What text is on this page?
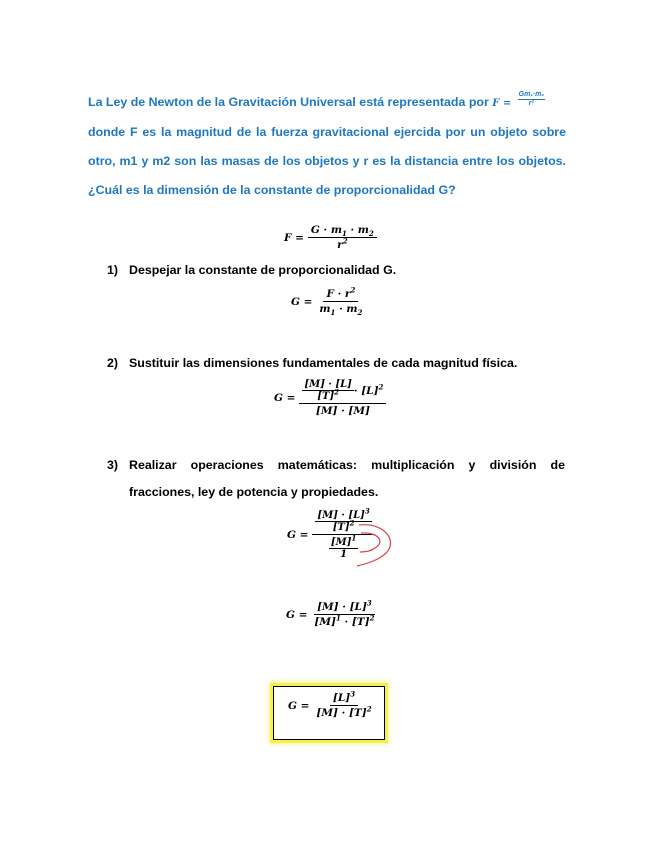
La Ley de Newton de la Gravitación Universal está representada por $F = \frac{\text{Gm₁·m₂}}{\text{r²}}$
donde F es la magnitud de la fuerza gravitacional ejercida por un objeto sobre
otro, m1 y m2 son las masas de los objetos y r es la distancia entre los objetos.
¿Cuál es la dimensión de la constante de proporcionalidad G?
$F = \frac{G \cdot m_1 \cdot m_2}{r^2}$
1) Despejar la constante de proporcionalidad G.
$G = \frac{F \cdot r^2}{m_1 \cdot m_2}$
2) Sustituir las dimensiones fundamentales de cada magnitud física.
$G = \frac{\frac{[M] \cdot [L]}{[T]^2} \cdot [L]^2}{[M] \cdot [M]}$
3) Realizar operaciones matemáticas: multiplicación y división de
fracciones, ley de potencia y propiedades.
$G = \frac{\frac{[M] \cdot [L]^3}{[T]^2}}{\frac{[M]^1}{1}}$
$G = \frac{[M] \cdot [L]^3}{[M]^1 \cdot [T]^2}$
$G = \frac{[L]^3}{[M] \cdot [T]^2}$
